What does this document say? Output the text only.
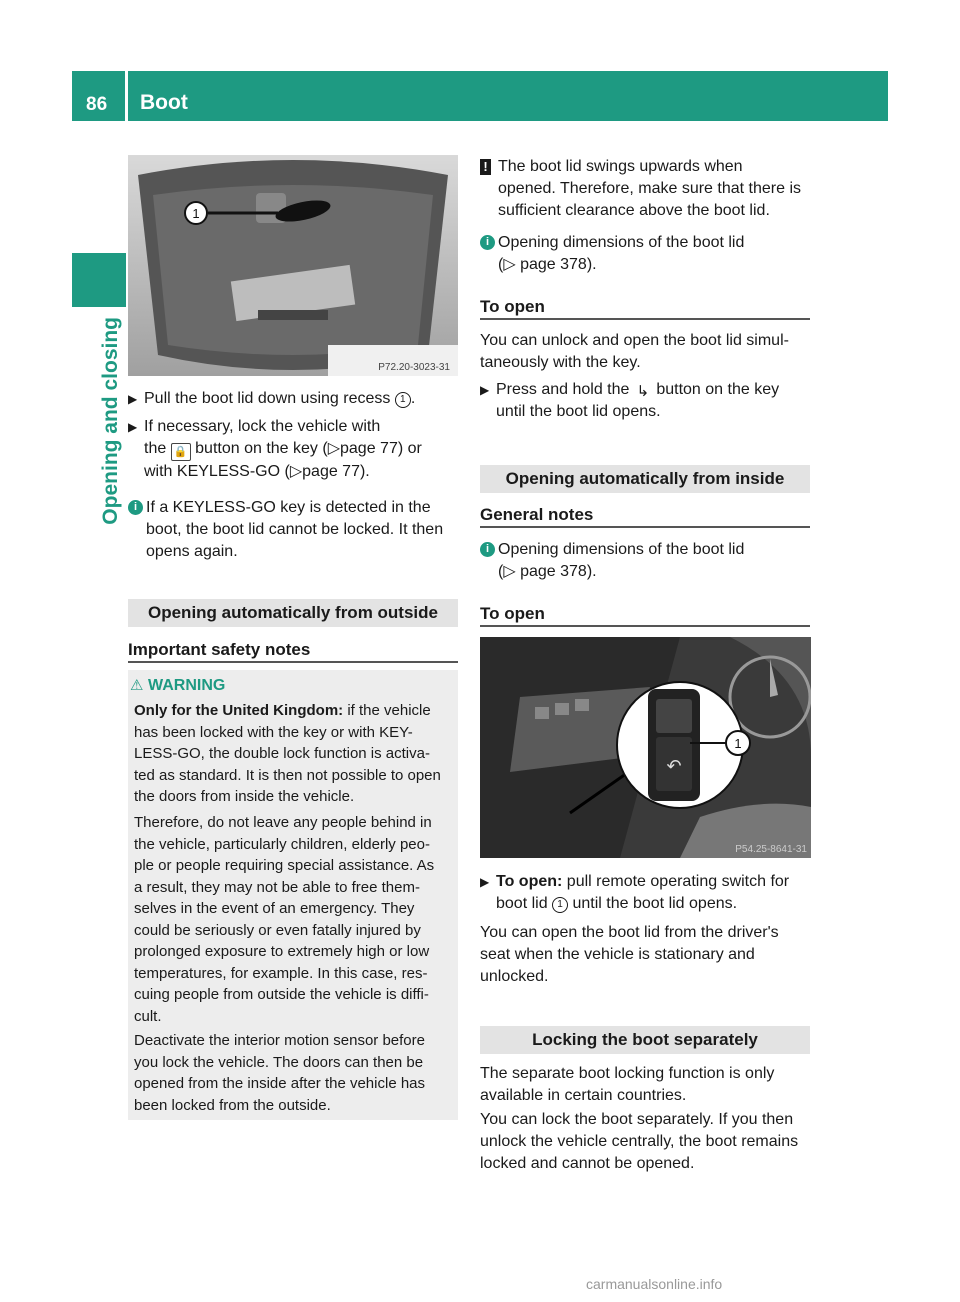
86 Boot
Opening and closing
1
P72.20-3023-31
▶ Pull the boot lid down using recess 1 .
▶ If necessary, lock the vehicle with

the 🔒 button on the key (▷page 77) or

with KEYLESS-GO (▷page 77).

i If a KEYLESS-GO key is detected in the

boot, the boot lid cannot be locked. It then

opens again.

Opening automatically from outside
Important safety notes
⚠ WARNING

Only for the United Kingdom: if the vehicle

has been locked with the key or with KEY-

LESS-GO, the double lock function is activa-

ted as standard. It is then not possible to open

the doors from inside the vehicle.

Therefore, do not leave any people behind in

the vehicle, particularly children, elderly peo-

ple or people requiring special assistance. As

a result, they may not be able to free them-

selves in the event of an emergency. They

could be seriously or even fatally injured by

prolonged exposure to extremely high or low

temperatures, for example. In this case, res-

cuing people from outside the vehicle is diffi-

cult.

Deactivate the interior motion sensor before

you lock the vehicle. The doors can then be

opened from the inside after the vehicle has

been locked from the outside.

! The boot lid swings upwards when

opened. Therefore, make sure that there is

sufficient clearance above the boot lid.

i Opening dimensions of the boot lid

(▷ page 378).

To open

You can unlock and open the boot lid simul-

taneously with the key.

▶ Press and hold the ↳ button on the key

until the boot lid opens.

Opening automatically from inside
General notes
i Opening dimensions of the boot lid

(▷ page 378).

To open
↶
1
P54.25-8641-31
▶ To open: pull remote operating switch for

boot lid 1 until the boot lid opens.

You can open the boot lid from the driver's

seat when the vehicle is stationary and

unlocked.

Locking the boot separately

The separate boot locking function is only

available in certain countries.

You can lock the boot separately. If you then

unlock the vehicle centrally, the boot remains

locked and cannot be opened.

carmanualsonline.info
